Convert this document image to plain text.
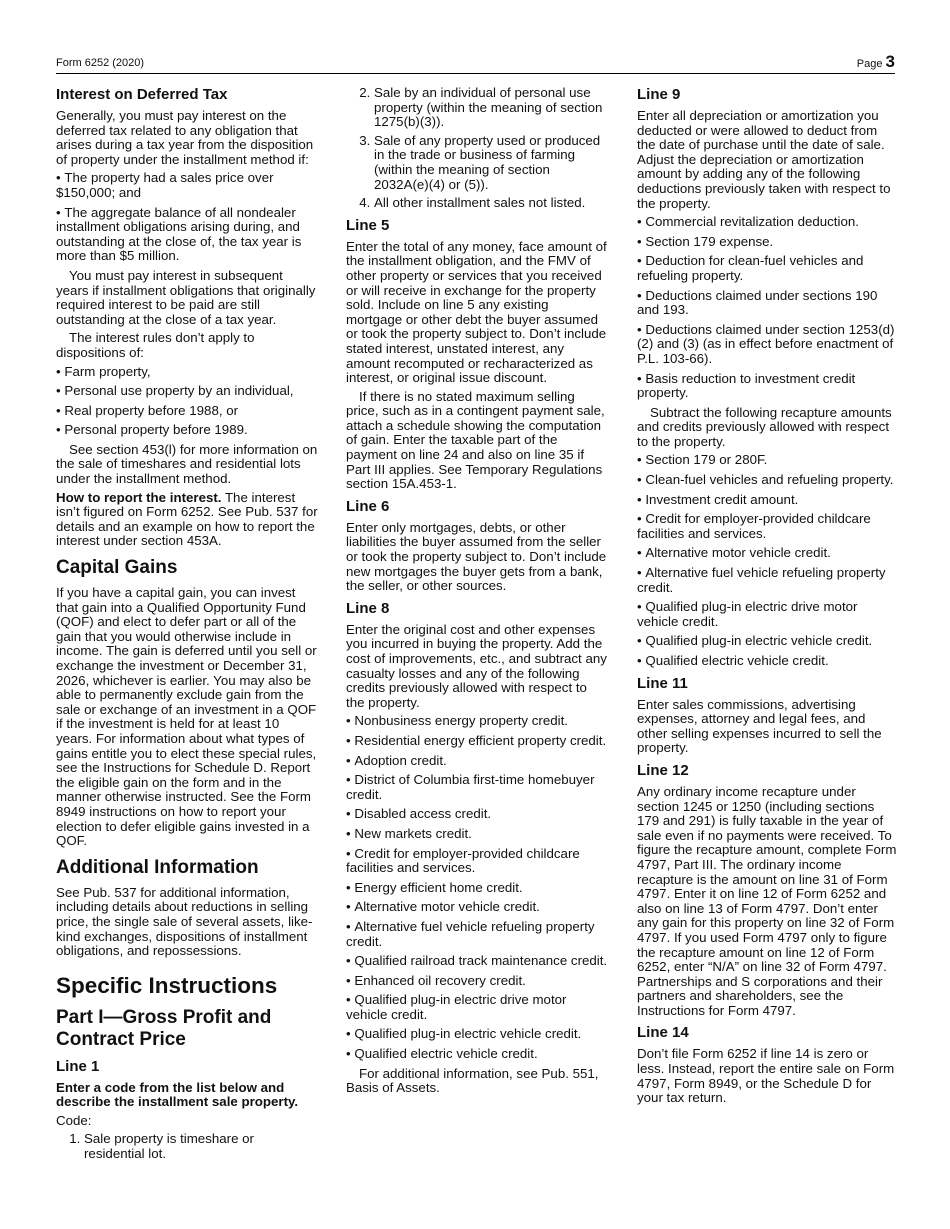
Form 6252 (2020)	Page 3
Interest on Deferred Tax

Generally, you must pay interest on the deferred tax related to any obligation that arises during a tax year from the disposition of property under the installment method if:

• The property had a sales price over $150,000; and
• The aggregate balance of all nondealer installment obligations arising during, and outstanding at the close of, the tax year is more than $5 million.

You must pay interest in subsequent years if installment obligations that originally required interest to be paid are still outstanding at the close of a tax year.

The interest rules don’t apply to dispositions of:

• Farm property,
• Personal use property by an individual,
• Real property before 1988, or
• Personal property before 1989.

See section 453(l) for more information on the sale of timeshares and residential lots under the installment method.

How to report the interest. The interest isn’t figured on Form 6252. See Pub. 537 for details and an example on how to report the interest under section 453A.

Capital Gains

If you have a capital gain, you can invest that gain into a Qualified Opportunity Fund (QOF) and elect to defer part or all of the gain that you would otherwise include in income. The gain is deferred until you sell or exchange the investment or December 31, 2026, whichever is earlier. You may also be able to permanently exclude gain from the sale or exchange of an investment in a QOF if the investment is held for at least 10 years. For information about what types of gains entitle you to elect these special rules, see the Instructions for Schedule D. Report the eligible gain on the form and in the manner otherwise instructed. See the Form 8949 instructions on how to report your election to defer eligible gains invested in a QOF.

Additional Information

See Pub. 537 for additional information, including details about reductions in selling price, the single sale of several assets, like-kind exchanges, dispositions of installment obligations, and repossessions.

Specific Instructions
Part I—Gross Profit and Contract Price
Line 1

Enter a code from the list below and describe the installment sale property.

Code:

1. Sale property is timeshare or residential lot.
2. Sale by an individual of personal use property (within the meaning of section 1275(b)(3)).
3. Sale of any property used or produced in the trade or business of farming (within the meaning of section 2032A(e)(4) or (5)).
4. All other installment sales not listed.
Line 5

Enter the total of any money, face amount of the installment obligation, and the FMV of other property or services that you received or will receive in exchange for the property sold. Include on line 5 any existing mortgage or other debt the buyer assumed or took the property subject to. Don’t include stated interest, unstated interest, any amount recomputed or recharacterized as interest, or original issue discount.

If there is no stated maximum selling price, such as in a contingent payment sale, attach a schedule showing the computation of gain. Enter the taxable part of the payment on line 24 and also on line 35 if Part III applies. See Temporary Regulations section 15A.453-1.

Line 6

Enter only mortgages, debts, or other liabilities the buyer assumed from the seller or took the property subject to. Don’t include new mortgages the buyer gets from a bank, the seller, or other sources.

Line 8

Enter the original cost and other expenses you incurred in buying the property. Add the cost of improvements, etc., and subtract any casualty losses and any of the following credits previously allowed with respect to the property.

• Nonbusiness energy property credit.
• Residential energy efficient property credit.
• Adoption credit.
• District of Columbia first-time homebuyer credit.
• Disabled access credit.
• New markets credit.
• Credit for employer-provided childcare facilities and services.
• Energy efficient home credit.
• Alternative motor vehicle credit.
• Alternative fuel vehicle refueling property credit.
• Qualified railroad track maintenance credit.
• Enhanced oil recovery credit.
• Qualified plug-in electric drive motor vehicle credit.
• Qualified plug-in electric vehicle credit.
• Qualified electric vehicle credit.

For additional information, see Pub. 551, Basis of Assets.

Line 9

Enter all depreciation or amortization you deducted or were allowed to deduct from the date of purchase until the date of sale. Adjust the depreciation or amortization amount by adding any of the following deductions previously taken with respect to the property.

• Commercial revitalization deduction.
• Section 179 expense.
• Deduction for clean-fuel vehicles and refueling property.
• Deductions claimed under sections 190 and 193.
• Deductions claimed under section 1253(d)(2) and (3) (as in effect before enactment of P.L. 103-66).
• Basis reduction to investment credit property.

Subtract the following recapture amounts and credits previously allowed with respect to the property.

• Section 179 or 280F.
• Clean-fuel vehicles and refueling property.
• Investment credit amount.
• Credit for employer-provided childcare facilities and services.
• Alternative motor vehicle credit.
• Alternative fuel vehicle refueling property credit.
• Qualified plug-in electric drive motor vehicle credit.
• Qualified plug-in electric vehicle credit.
• Qualified electric vehicle credit.
Line 11

Enter sales commissions, advertising expenses, attorney and legal fees, and other selling expenses incurred to sell the property.

Line 12

Any ordinary income recapture under section 1245 or 1250 (including sections 179 and 291) is fully taxable in the year of sale even if no payments were received. To figure the recapture amount, complete Form 4797, Part III. The ordinary income recapture is the amount on line 31 of Form 4797. Enter it on line 12 of Form 6252 and also on line 13 of Form 4797. Don’t enter any gain for this property on line 32 of Form 4797. If you used Form 4797 only to figure the recapture amount on line 12 of Form 6252, enter “N/A” on line 32 of Form 4797. Partnerships and S corporations and their partners and shareholders, see the Instructions for Form 4797.

Line 14

Don’t file Form 6252 if line 14 is zero or less. Instead, report the entire sale on Form 4797, Form 8949, or the Schedule D for your tax return.
